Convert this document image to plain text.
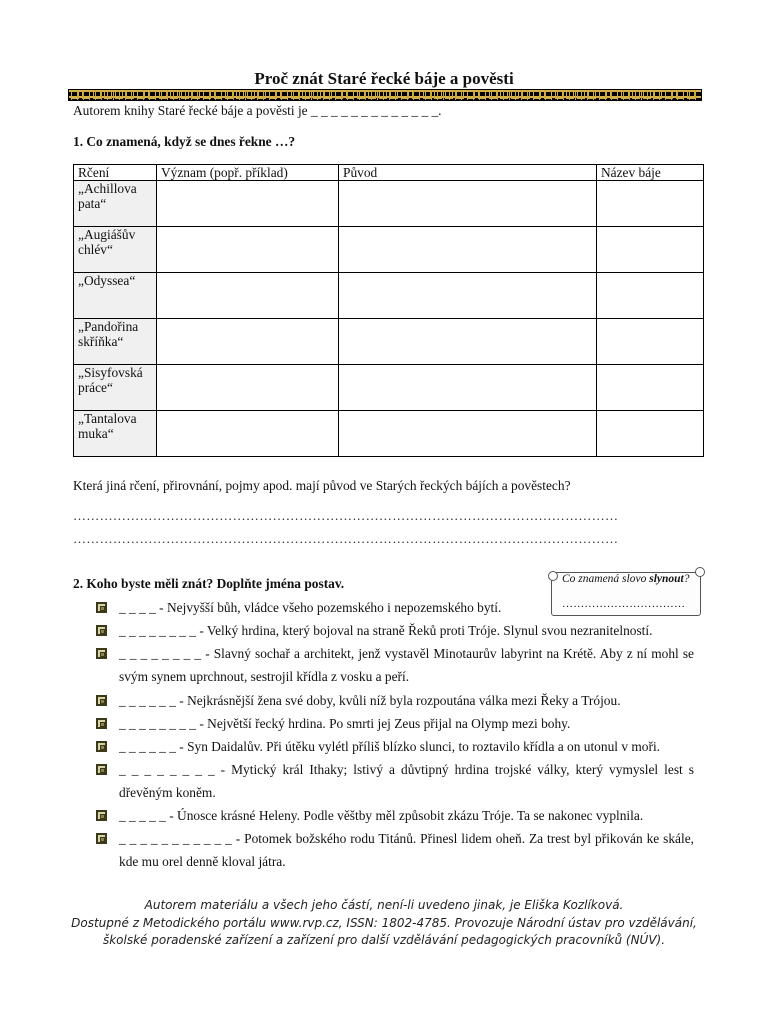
Proč znát Staré řecké báje a pověsti
Autorem knihy Staré řecké báje a pověsti je _ _ _ _ _ _ _ _ _ _ _ _ _.
1. Co znamená, když se dnes řekne …?
Rčení	Význam (popř. příklad)	Původ	Název báje
„Achillova pata“			
„Augiášův chlév“			
„Odyssea“			
„Pandořina skříňka“			
„Sisyfovská práce“			
„Tantalova muka“			
Která jiná rčení, přirovnání, pojmy apod. mají původ ve Starých řeckých bájích a pověstech?
……………………………………………………………………………………………………………
……………………………………………………………………………………………………………
2. Koho byste měli znát? Doplňte jména postav.	Co znamená slovo slynout?
……………………………
_ _ _ _ - Nejvyšší bůh, vládce všeho pozemského i nepozemského bytí.
_ _ _ _ _ _ _ _ - Velký hrdina, který bojoval na straně Řeků proti Tróje. Slynul svou nezranitelností.
_ _ _ _ _ _ _ _ - Slavný sochař a architekt, jenž vystavěl Minotaurův labyrint na Krétě. Aby z ní mohl se svým synem uprchnout, sestrojil křídla z vosku a peří.
_ _ _ _ _ _ - Nejkrásnější žena své doby, kvůli níž byla rozpoutána válka mezi Řeky a Trójou.
_ _ _ _ _ _ _ _ - Největší řecký hrdina. Po smrti jej Zeus přijal na Olymp mezi bohy.
_ _ _ _ _ _ - Syn Daidalův. Při útěku vylétl příliš blízko slunci, to roztavilo křídla a on utonul v moři.
_ _ _ _ _ _ _ _ - Mytický král Ithaky; lstivý a důvtipný hrdina trojské války, který vymyslel lest s dřevěným koněm.
_ _ _ _ _ - Únosce krásné Heleny. Podle věštby měl způsobit zkázu Tróje. Ta se nakonec vyplnila.
_ _ _ _ _ _ _ _ _ _ _ - Potomek božského rodu Titánů. Přinesl lidem oheň. Za trest byl přikován ke skále, kde mu orel denně kloval játra.
Autorem materiálu a všech jeho částí, není-li uvedeno jinak, je Eliška Kozlíková.
Dostupné z Metodického portálu www.rvp.cz, ISSN: 1802-4785. Provozuje Národní ústav pro vzdělávání,
školské poradenské zařízení a zařízení pro další vzdělávání pedagogických pracovníků (NÚV).
